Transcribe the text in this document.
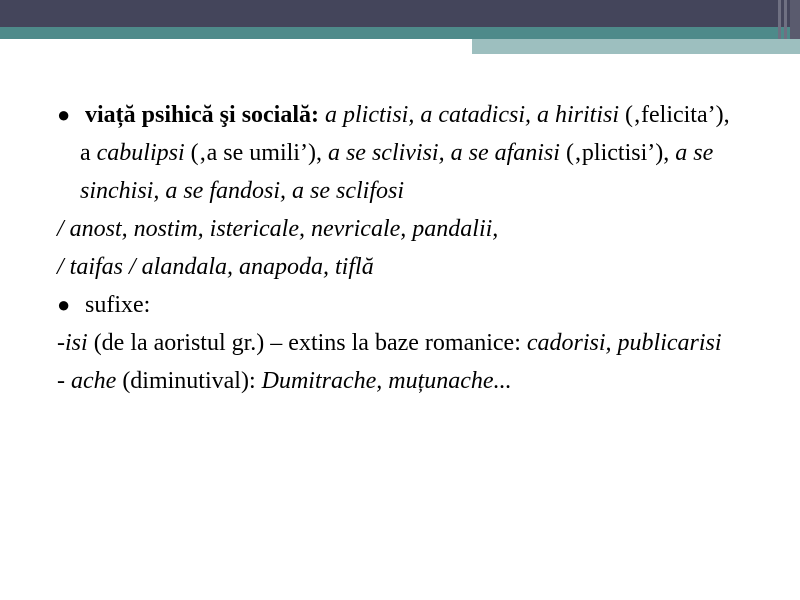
● viață psihică şi socială: a plictisi, a catadicsi, a hiritisi (‚felicita’), a cabulipsi (‚a se umili’), a se sclivisi, a se afanisi (‚plictisi’), a se sinchisi, a se fandosi, a se sclifosi

/ anost, nostim, istericale, nevricale, pandalii,

/ taifas / alandala, anapoda, tiflă

● sufixe:

-isi (de la aoristul gr.) – extins la baze romanice: cadorisi, publicarisi

- ache (diminutival): Dumitrache, muțunache...
